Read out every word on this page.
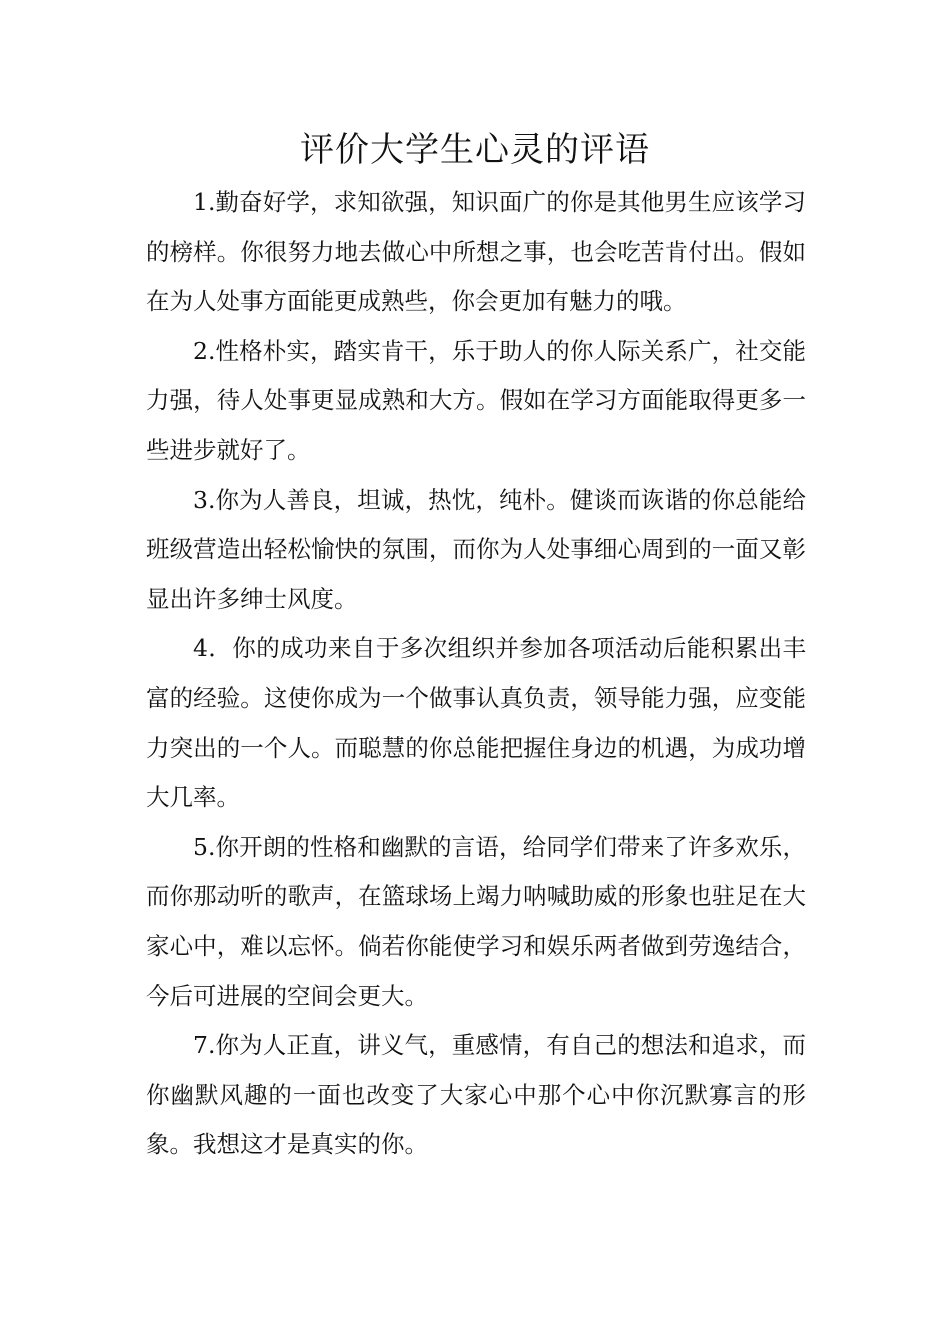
评价大学生心灵的评语

1.勤奋好学，求知欲强，知识面广的你是其他男生应该学习的榜样。你很努力地去做心中所想之事，也会吃苦肯付出。假如在为人处事方面能更成熟些，你会更加有魅力的哦。

2.性格朴实，踏实肯干，乐于助人的你人际关系广，社交能力强，待人处事更显成熟和大方。假如在学习方面能取得更多一些进步就好了。

3.你为人善良，坦诚，热忱，纯朴。健谈而诙谐的你总能给班级营造出轻松愉快的氛围，而你为人处事细心周到的一面又彰显出许多绅士风度。

4．你的成功来自于多次组织并参加各项活动后能积累出丰富的经验。这使你成为一个做事认真负责，领导能力强，应变能力突出的一个人。而聪慧的你总能把握住身边的机遇，为成功增大几率。

5.你开朗的性格和幽默的言语，给同学们带来了许多欢乐，而你那动听的歌声，在篮球场上竭力呐喊助威的形象也驻足在大家心中，难以忘怀。倘若你能使学习和娱乐两者做到劳逸结合，今后可进展的空间会更大。

7.你为人正直，讲义气，重感情，有自己的想法和追求，而你幽默风趣的一面也改变了大家心中那个心中你沉默寡言的形象。我想这才是真实的你。
